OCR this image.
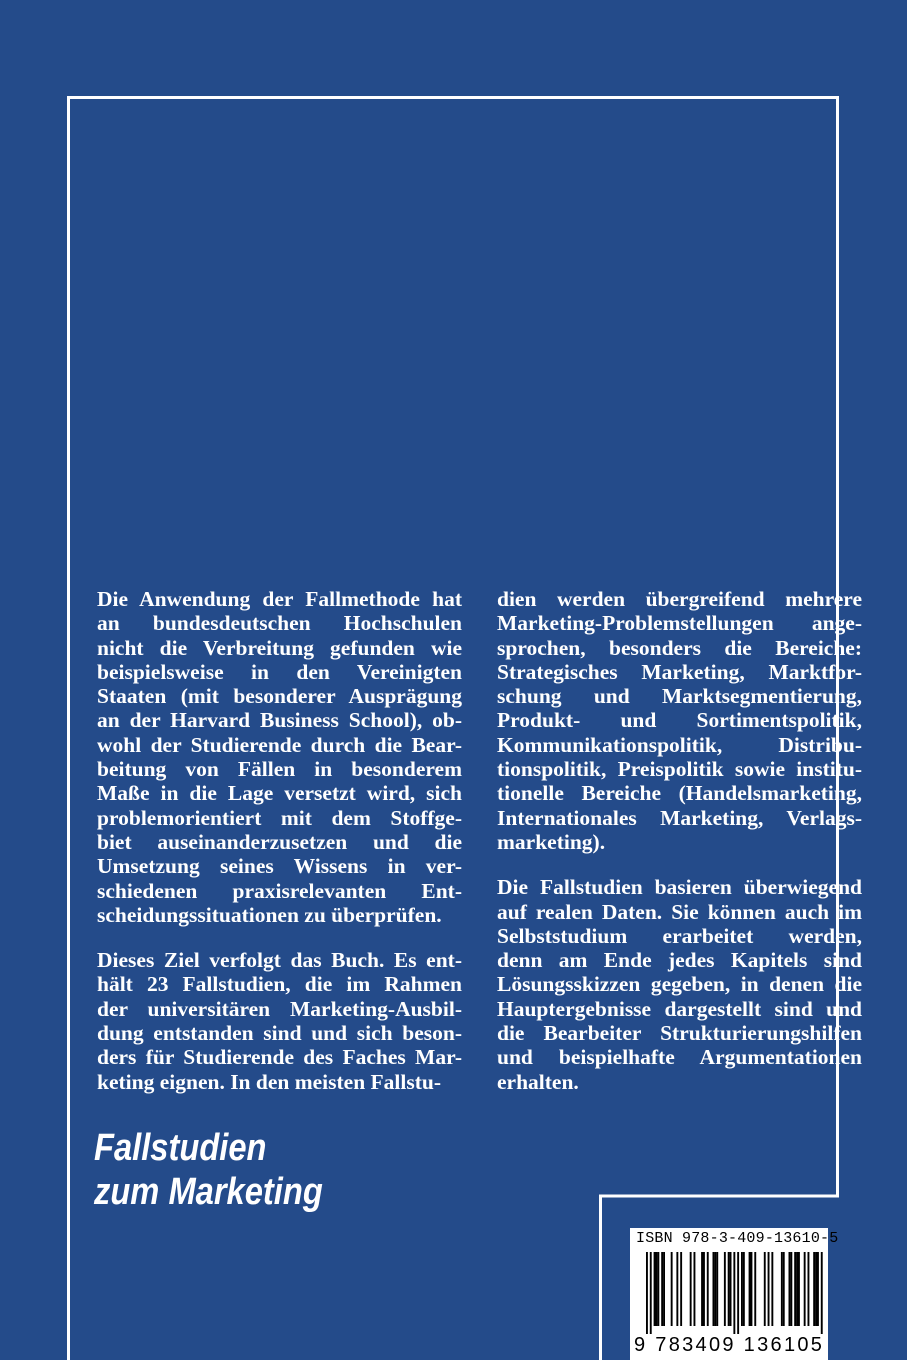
Die Anwendung der Fallmethode hat
an bundesdeutschen Hochschulen
nicht die Verbreitung gefunden wie
beispielsweise in den Vereinigten
Staaten (mit besonderer Ausprägung
an der Harvard Business School), ob-
wohl der Studierende durch die Bear-
beitung von Fällen in besonderem
Maße in die Lage versetzt wird, sich
problemorientiert mit dem Stoffge-
biet auseinanderzusetzen und die
Umsetzung seines Wissens in ver-
schiedenen praxisrelevanten Ent-
scheidungssituationen zu überprüfen.

Dieses Ziel verfolgt das Buch. Es ent-
hält 23 Fallstudien, die im Rahmen
der universitären Marketing-Ausbil-
dung entstanden sind und sich beson-
ders für Studierende des Faches Mar-
keting eignen. In den meisten Fallstu-

dien werden übergreifend mehrere
Marketing-Problemstellungen ange-
sprochen, besonders die Bereiche:
Strategisches Marketing, Marktfor-
schung und Marktsegmentierung,
Produkt- und Sortimentspolitik,
Kommunikationspolitik, Distribu-
tionspolitik, Preispolitik sowie institu-
tionelle Bereiche (Handelsmarketing,
Internationales Marketing, Verlags-
marketing).

Die Fallstudien basieren überwiegend
auf realen Daten. Sie können auch im
Selbststudium erarbeitet werden,
denn am Ende jedes Kapitels sind
Lösungsskizzen gegeben, in denen die
Hauptergebnisse dargestellt sind und
die Bearbeiter Strukturierungshilfen
und beispielhafte Argumentationen
erhalten.

Fallstudien
zum Marketing
ISBN 978-3-409-13610-5
9 783409 136105
